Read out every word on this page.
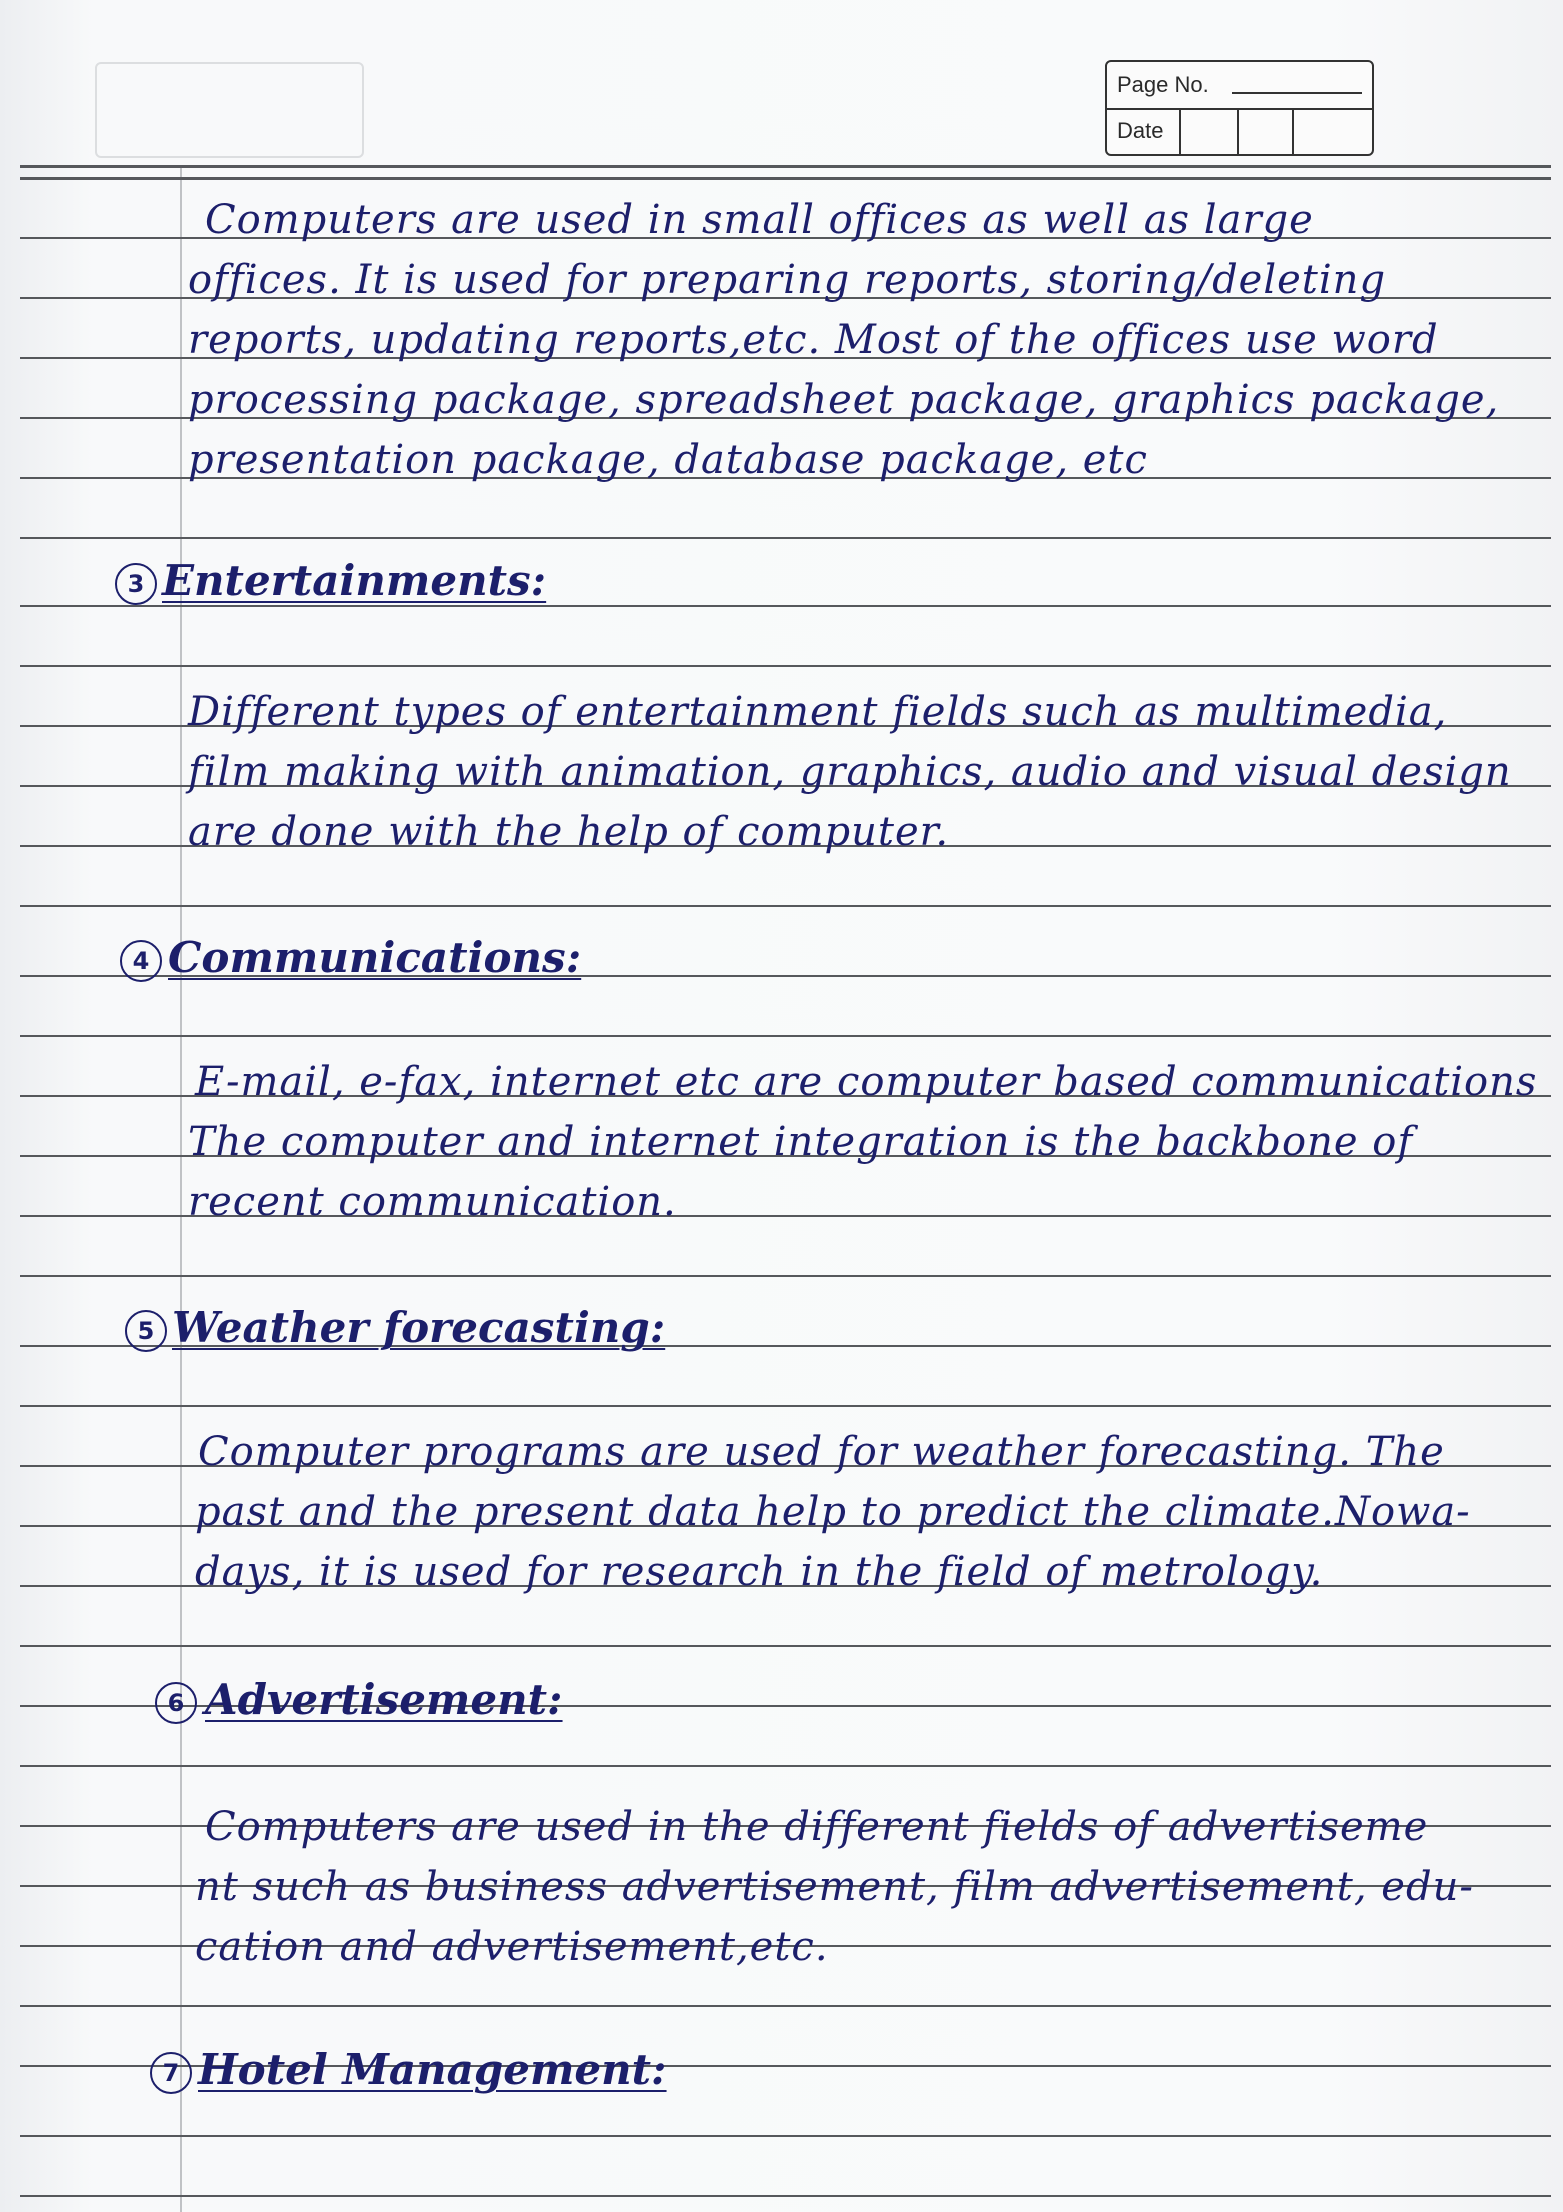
Page No.
Date
Computers are used in small offices as well as large
offices. It is used for preparing reports, storing/deleting
reports, updating reports,etc. Most of the offices use word
processing package, spreadsheet package, graphics package,
presentation package, database package, etc
3 Entertainments:
Different types of entertainment fields such as multimedia,
film making with animation, graphics, audio and visual design
are done with the help of computer.
4 Communications:
E-mail, e-fax, internet etc are computer based communications
The computer and internet integration is the backbone of
recent communication.
5 Weather forecasting:
Computer programs are used for weather forecasting. The
past and the present data help to predict the climate.Nowa-
days, it is used for research in the field of metrology.
6 Advertisement:
Computers are used in the different fields of advertiseme
nt such as business advertisement, film advertisement, edu-
cation and advertisement,etc.
7 Hotel Management:
